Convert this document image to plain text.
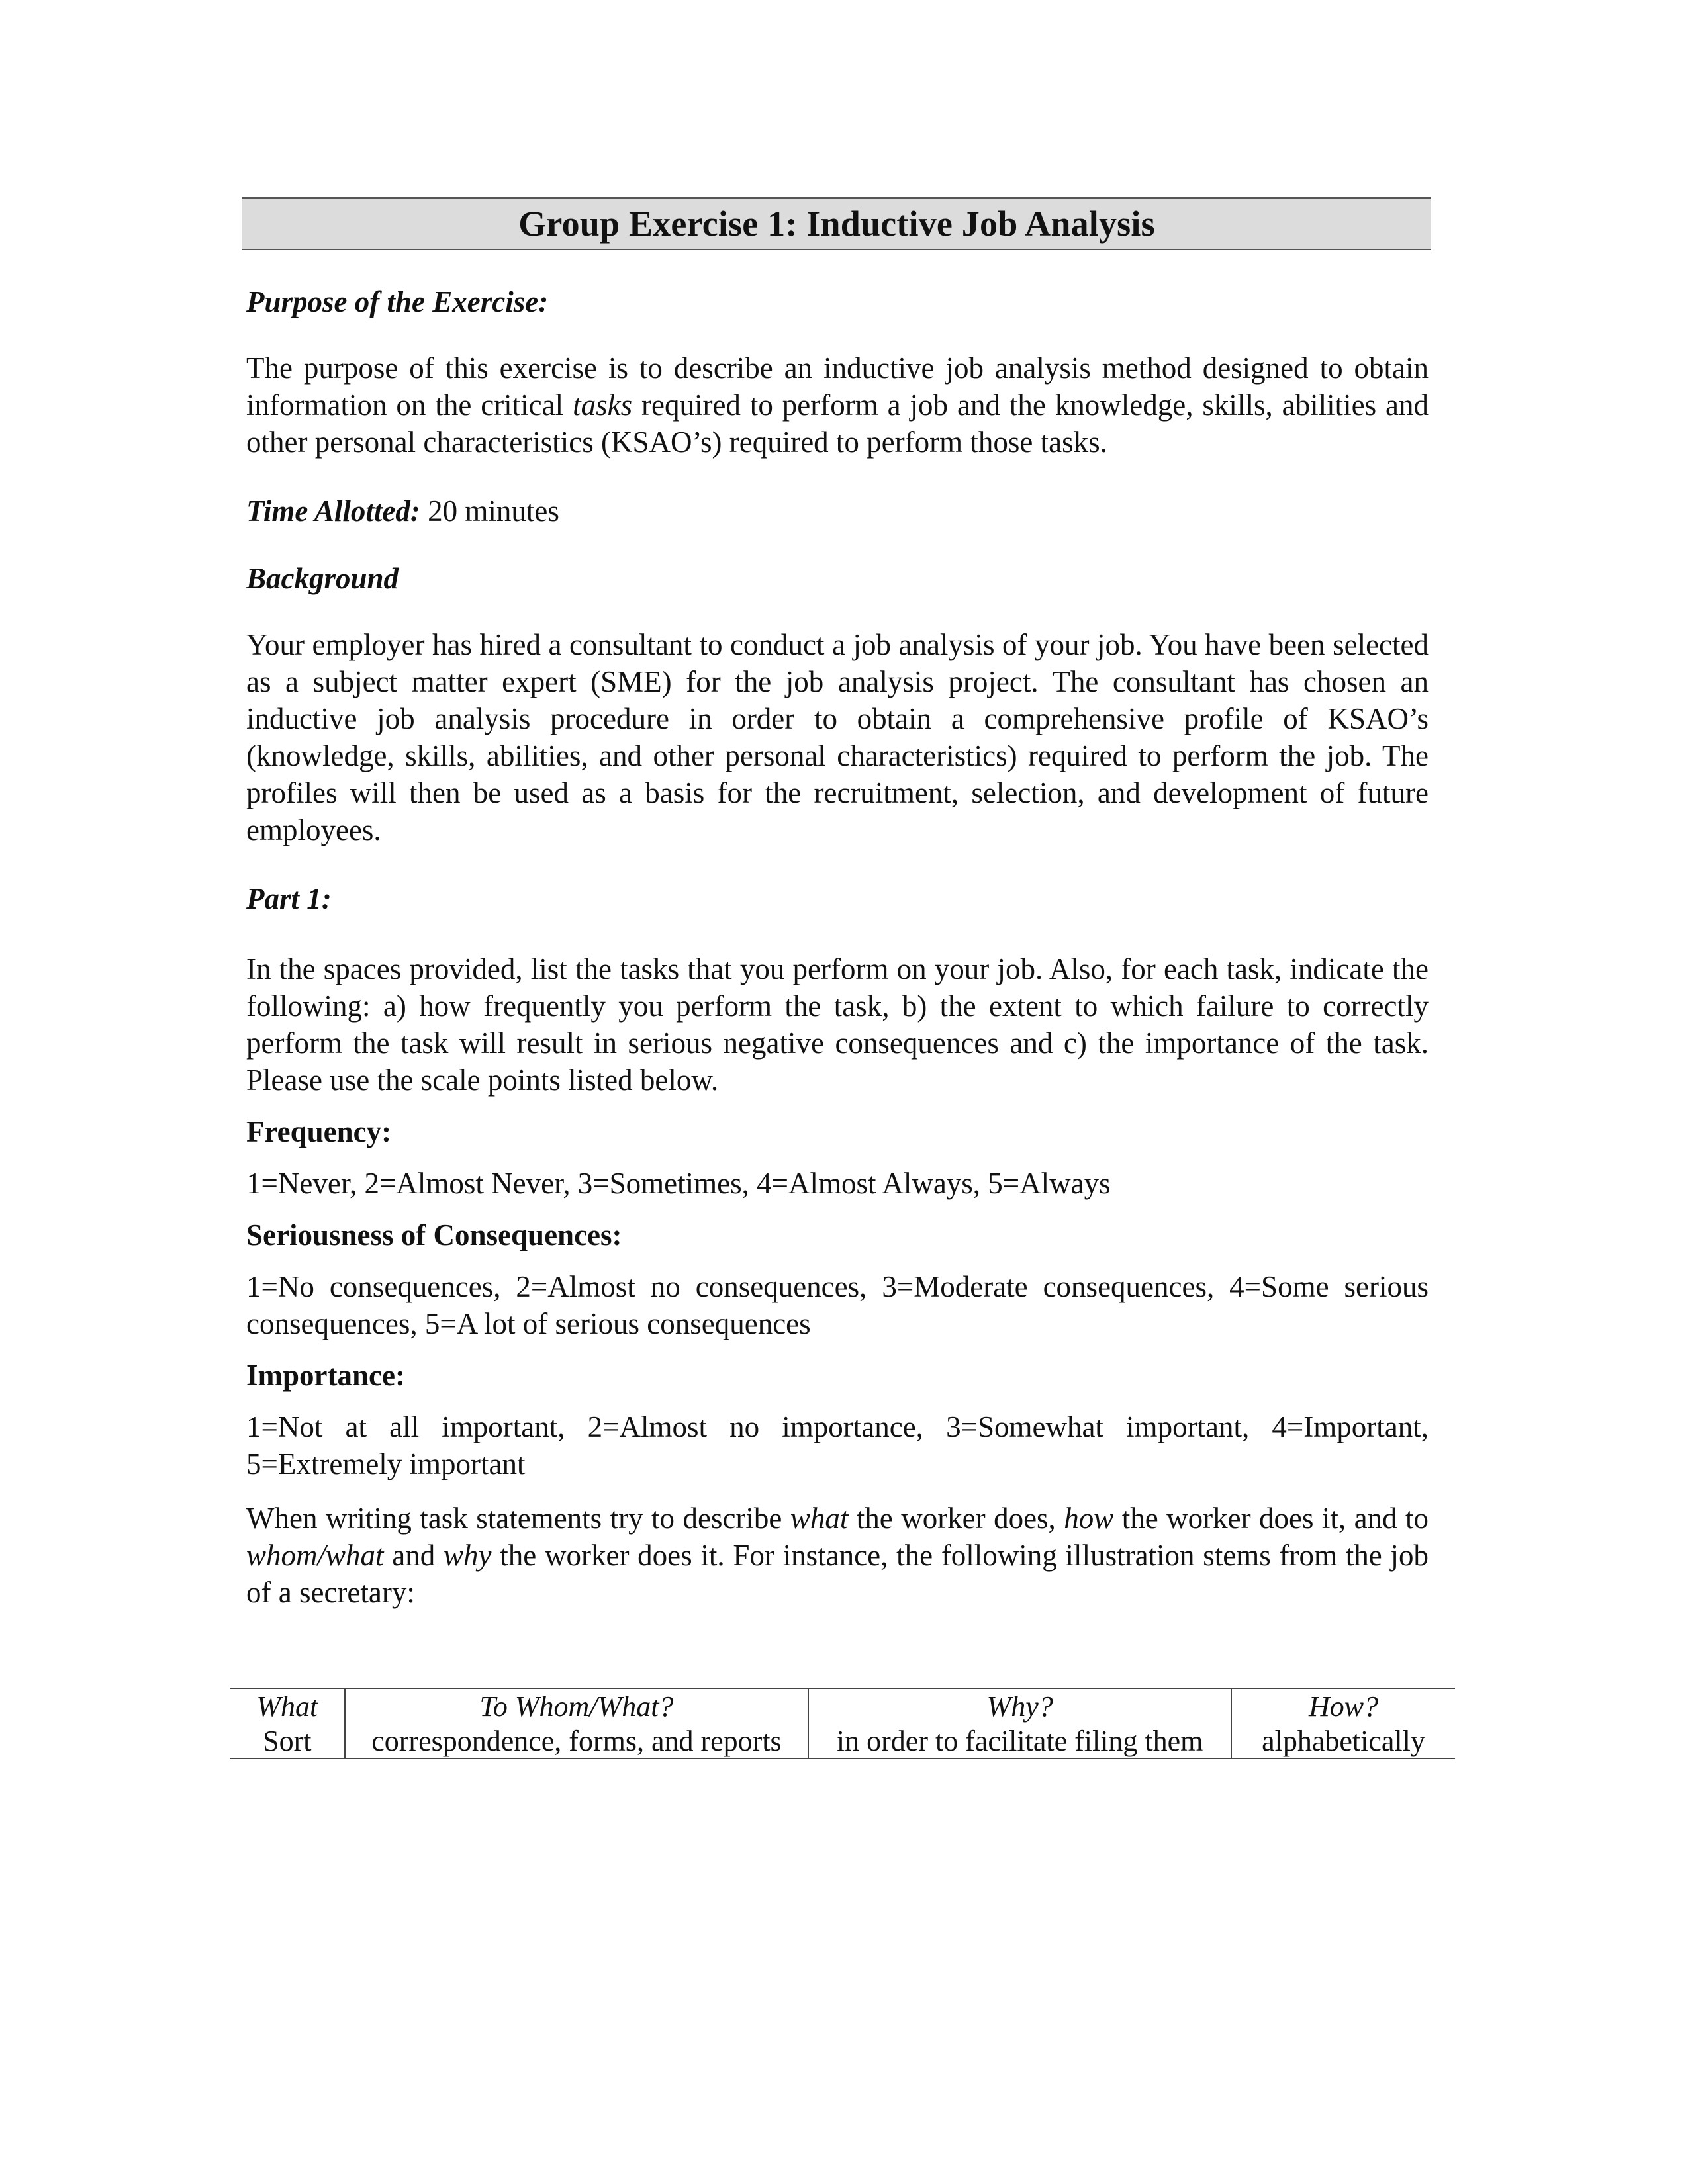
Group Exercise 1: Inductive Job Analysis
Purpose of the Exercise:

The purpose of this exercise is to describe an inductive job analysis method designed to obtain information on the critical tasks required to perform a job and the knowledge, skills, abilities and other personal characteristics (KSAO’s) required to perform those tasks.

Time Allotted: 20 minutes

Background

Your employer has hired a consultant to conduct a job analysis of your job. You have been selected as a subject matter expert (SME) for the job analysis project. The consultant has chosen an inductive job analysis procedure in order to obtain a comprehensive profile of KSAO’s (knowledge, skills, abilities, and other personal characteristics) required to perform the job. The profiles will then be used as a basis for the recruitment, selection, and development of future employees.

Part 1:

In the spaces provided, list the tasks that you perform on your job. Also, for each task, indicate the following: a) how frequently you perform the task, b) the extent to which failure to correctly perform the task will result in serious negative consequences and c) the importance of the task. Please use the scale points listed below.

Frequency:

1=Never, 2=Almost Never, 3=Sometimes, 4=Almost Always, 5=Always

Seriousness of Consequences:

1=No consequences, 2=Almost no consequences, 3=Moderate consequences, 4=Some serious consequences, 5=A lot of serious consequences

Importance:

1=Not at all important, 2=Almost no importance, 3=Somewhat important, 4=Important, 5=Extremely important

When writing task statements try to describe what the worker does, how the worker does it, and to whom/what and why the worker does it. For instance, the following illustration stems from the job of a secretary:

What	To Whom/What?	Why?	How?
Sort	correspondence, forms, and reports	in order to facilitate filing them	alphabetically
